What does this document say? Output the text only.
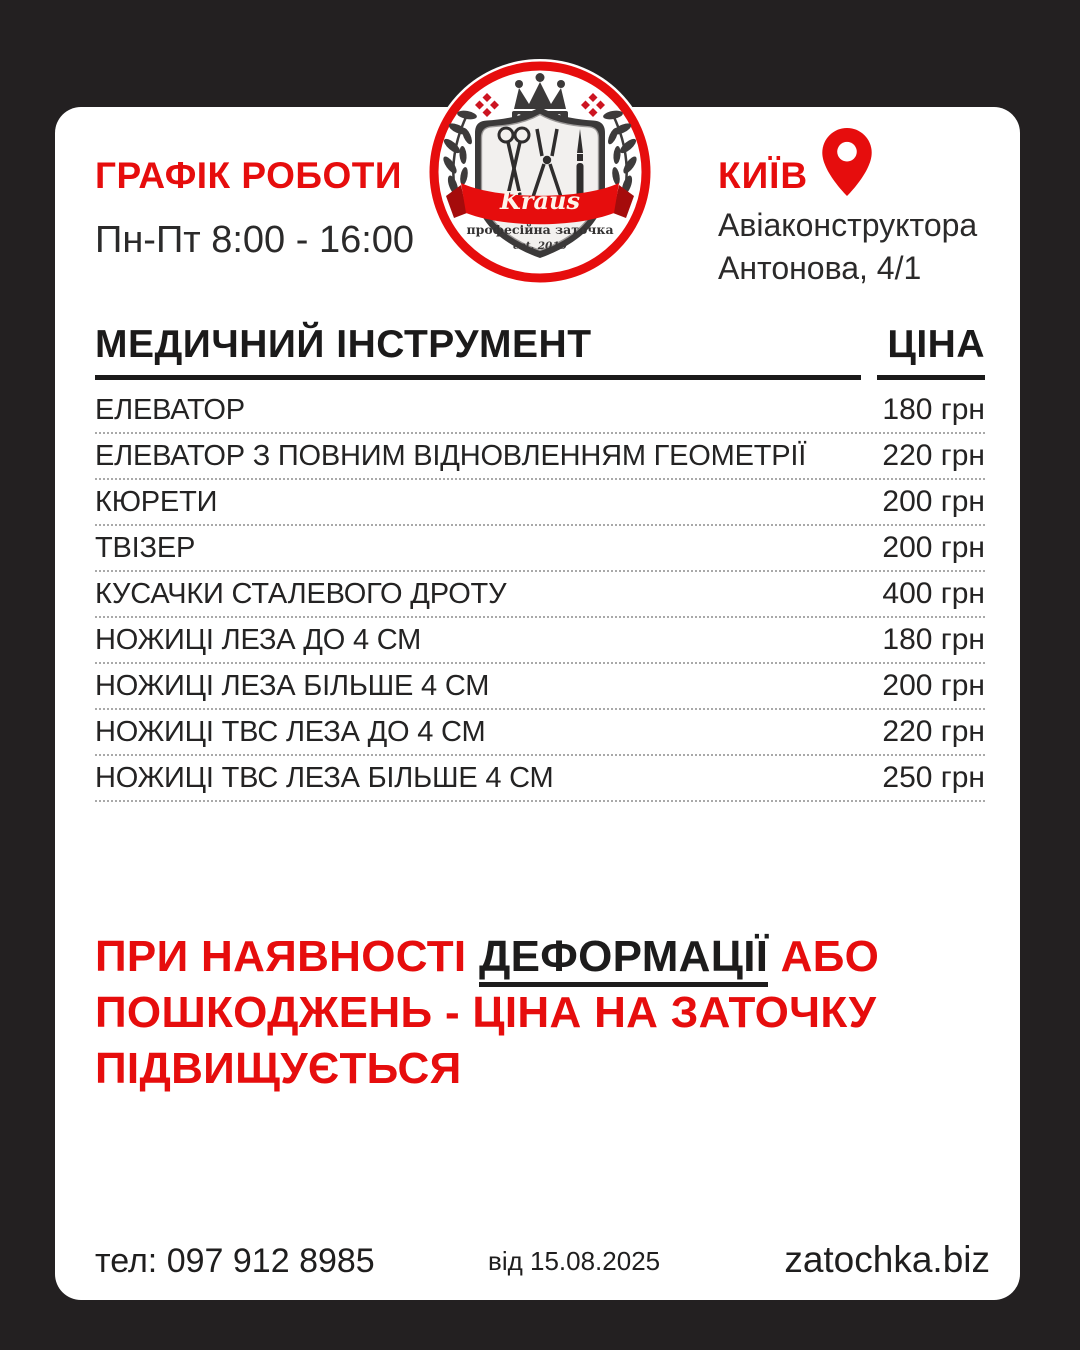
ГРАФІК РОБОТИ
Пн-Пт 8:00 - 16:00
КИЇВ
Авіаконструктора
Антонова, 4/1
МЕДИЧНИЙ ІНСТРУМЕНТ	ЦІНА
ЕЛЕВАТОР	180 грн
ЕЛЕВАТОР З ПОВНИМ ВІДНОВЛЕННЯМ ГЕОМЕТРІЇ	220 грн
КЮРЕТИ	200 грн
ТВІЗЕР	200 грн
КУСАЧКИ СТАЛЕВОГО ДРОТУ	400 грн
НОЖИЦІ ЛЕЗА ДО 4 СМ	180 грн
НОЖИЦІ ЛЕЗА БІЛЬШЕ 4 СМ	200 грн
НОЖИЦІ ТВС ЛЕЗА ДО 4 СМ	220 грн
НОЖИЦІ ТВС ЛЕЗА БІЛЬШЕ 4 СМ	250 грн
ПРИ НАЯВНОСТІ ДЕФОРМАЦІЇ АБО ПОШКОДЖЕНЬ - ЦІНА НА ЗАТОЧКУ ПІДВИЩУЄТЬСЯ
тел: 097 912 8985	від 15.08.2025	zatochka.biz
Kraus
професійна заточка
est. 2010
